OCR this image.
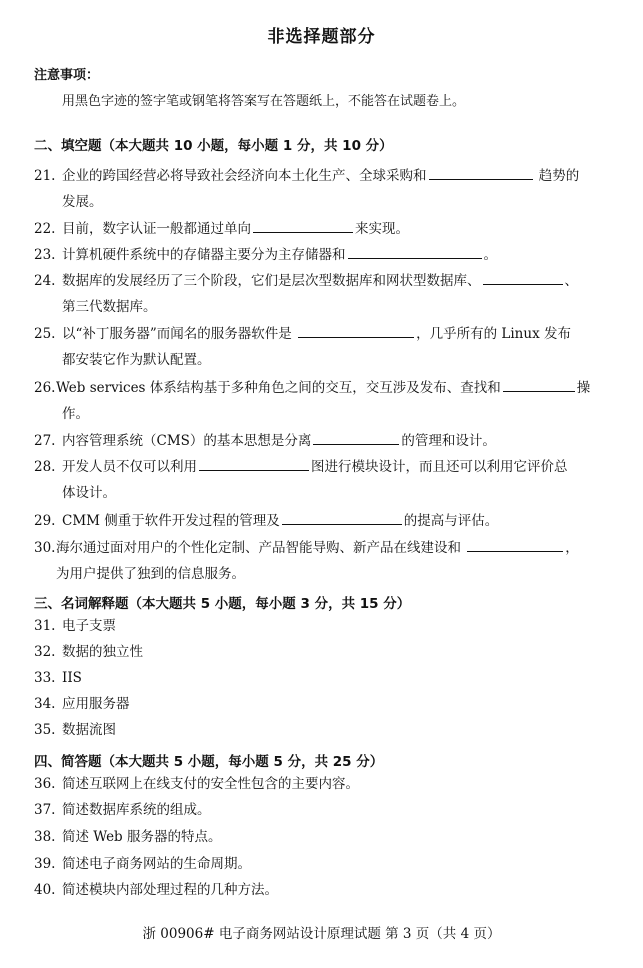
非选择题部分
注意事项：
用黑色字迹的签字笔或钢笔将答案写在答题纸上，不能答在试题卷上。
二、填空题（本大题共 10 小题，每小题 1 分，共 10 分）
21. 企业的跨国经营必将导致社会经济向本土化生产、全球采购和	趋势的
发展。
22. 目前，数字认证一般都通过单向	来实现。
23. 计算机硬件系统中的存储器主要分为主存储器和	。
24. 数据库的发展经历了三个阶段，它们是层次型数据库和网状型数据库、	、
第三代数据库。
25. 以“补丁服务器”而闻名的服务器软件是	，几乎所有的 Linux 发布
都安装它作为默认配置。
26.Web services 体系结构基于多种角色之间的交互，交互涉及发布、查找和	操
作。
27. 内容管理系统（CMS）的基本思想是分离	的管理和设计。
28. 开发人员不仅可以利用	图进行模块设计，而且还可以利用它评价总
体设计。
29. CMM 侧重于软件开发过程的管理及	的提高与评估。
30.海尔通过面对用户的个性化定制、产品智能导购、新产品在线建设和	，
为用户提供了独到的信息服务。
三、名词解释题（本大题共 5 小题，每小题 3 分，共 15 分）
31. 电子支票
32. 数据的独立性
33. IIS
34. 应用服务器
35. 数据流图
四、简答题（本大题共 5 小题，每小题 5 分，共 25 分）
36. 简述互联网上在线支付的安全性包含的主要内容。
37. 简述数据库系统的组成。
38. 简述 Web 服务器的特点。
39. 简述电子商务网站的生命周期。
40. 简述模块内部处理过程的几种方法。
浙 00906# 电子商务网站设计原理试题 第 3 页（共 4 页）
